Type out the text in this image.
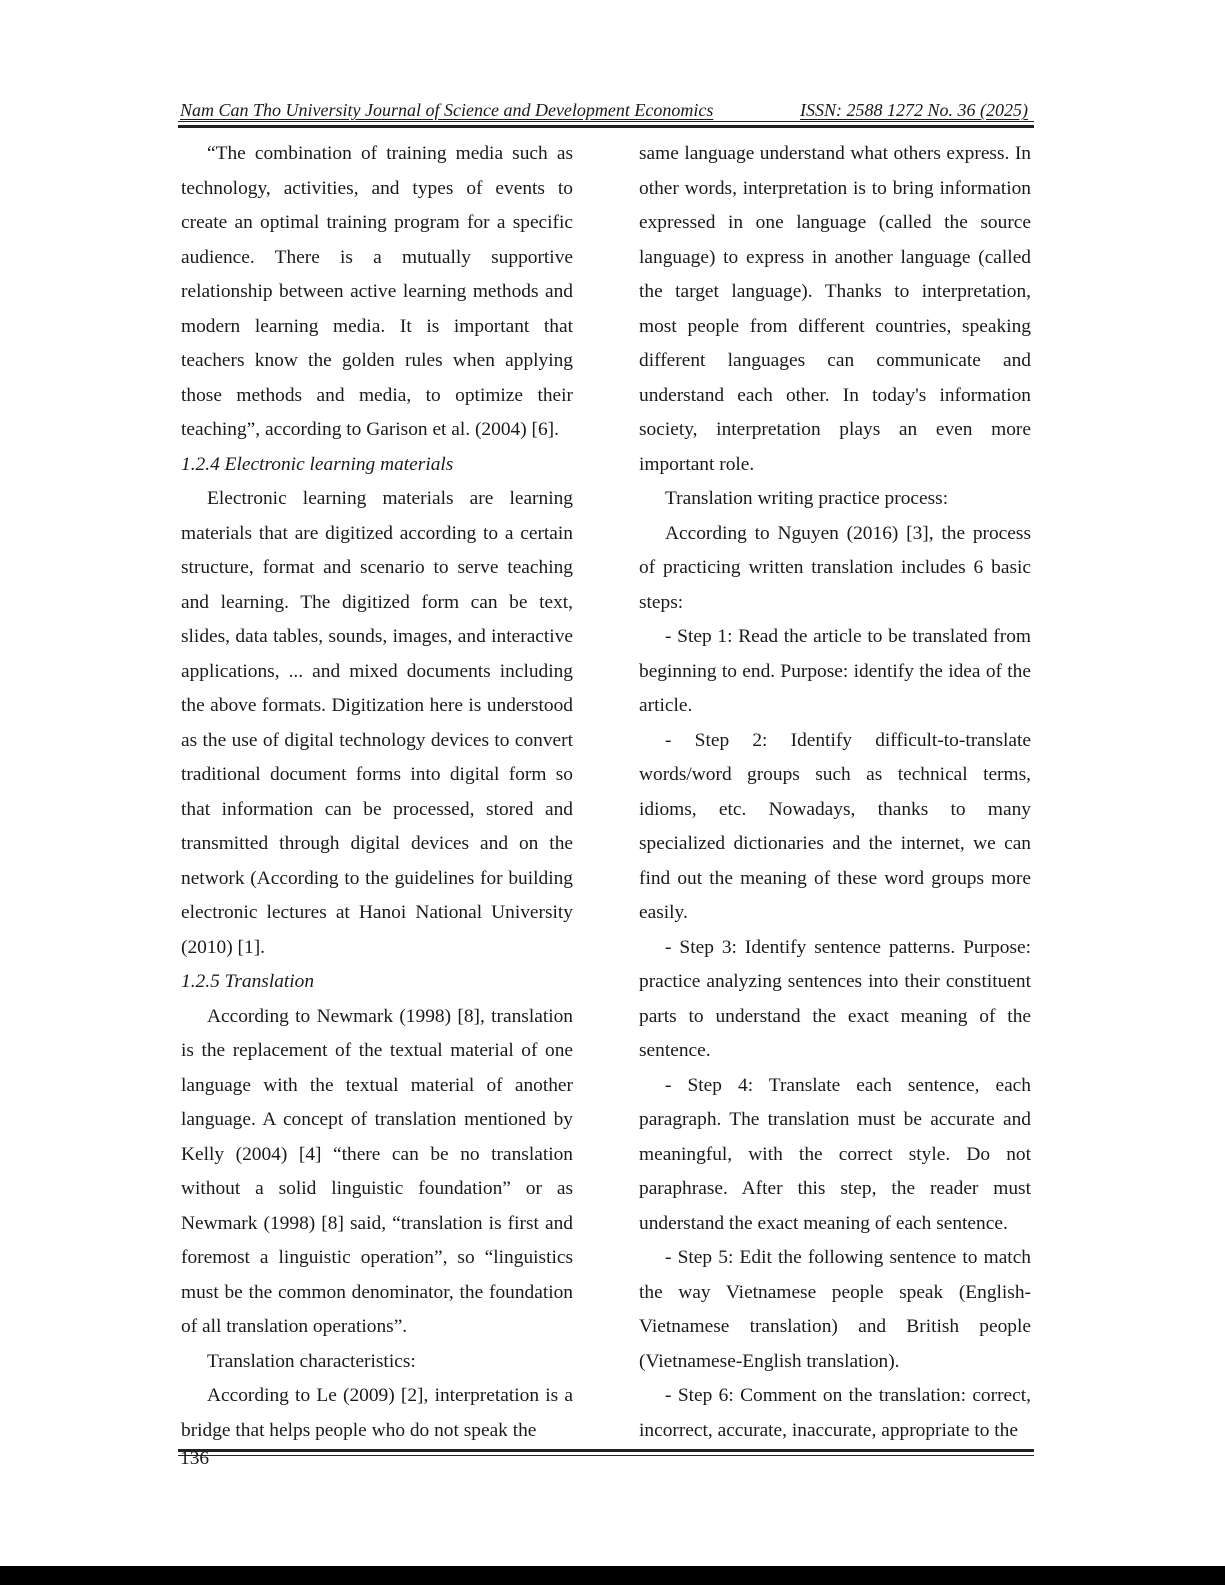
Nam Can Tho University Journal of Science and Development Economics	ISSN: 2588 1272 No. 36 (2025)

“The combination of training media such as technology, activities, and types of events to create an optimal training program for a specific audience. There is a mutually supportive relationship between active learning methods and modern learning media. It is important that teachers know the golden rules when applying those methods and media, to optimize their teaching”, according to Garison et al. (2004) [6].

1.2.4 Electronic learning materials

Electronic learning materials are learning materials that are digitized according to a certain structure, format and scenario to serve teaching and learning. The digitized form can be text, slides, data tables, sounds, images, and interactive applications, ... and mixed documents including the above formats. Digitization here is understood as the use of digital technology devices to convert traditional document forms into digital form so that information can be processed, stored and transmitted through digital devices and on the network (According to the guidelines for building electronic lectures at Hanoi National University (2010) [1].

1.2.5 Translation

According to Newmark (1998) [8], translation is the replacement of the textual material of one language with the textual material of another language. A concept of translation mentioned by Kelly (2004) [4] “there can be no translation without a solid linguistic foundation” or as Newmark (1998) [8] said, “translation is first and foremost a linguistic operation”, so “linguistics must be the common denominator, the foundation of all translation operations”.

Translation characteristics:

According to Le (2009) [2], interpretation is a bridge that helps people who do not speak the

same language understand what others express. In other words, interpretation is to bring information expressed in one language (called the source language) to express in another language (called the target language). Thanks to interpretation, most people from different countries, speaking different languages can communicate and understand each other. In today's information society, interpretation plays an even more important role.

Translation writing practice process:

According to Nguyen (2016) [3], the process of practicing written translation includes 6 basic steps:

- Step 1: Read the article to be translated from beginning to end. Purpose: identify the idea of the article.

- Step 2: Identify difficult-to-translate words/word groups such as technical terms, idioms, etc. Nowadays, thanks to many specialized dictionaries and the internet, we can find out the meaning of these word groups more easily.

- Step 3: Identify sentence patterns. Purpose: practice analyzing sentences into their constituent parts to understand the exact meaning of the sentence.

- Step 4: Translate each sentence, each paragraph. The translation must be accurate and meaningful, with the correct style. Do not paraphrase. After this step, the reader must understand the exact meaning of each sentence.

- Step 5: Edit the following sentence to match the way Vietnamese people speak (English-Vietnamese translation) and British people (Vietnamese-English translation).

- Step 6: Comment on the translation: correct, incorrect, accurate, inaccurate, appropriate to the

136
